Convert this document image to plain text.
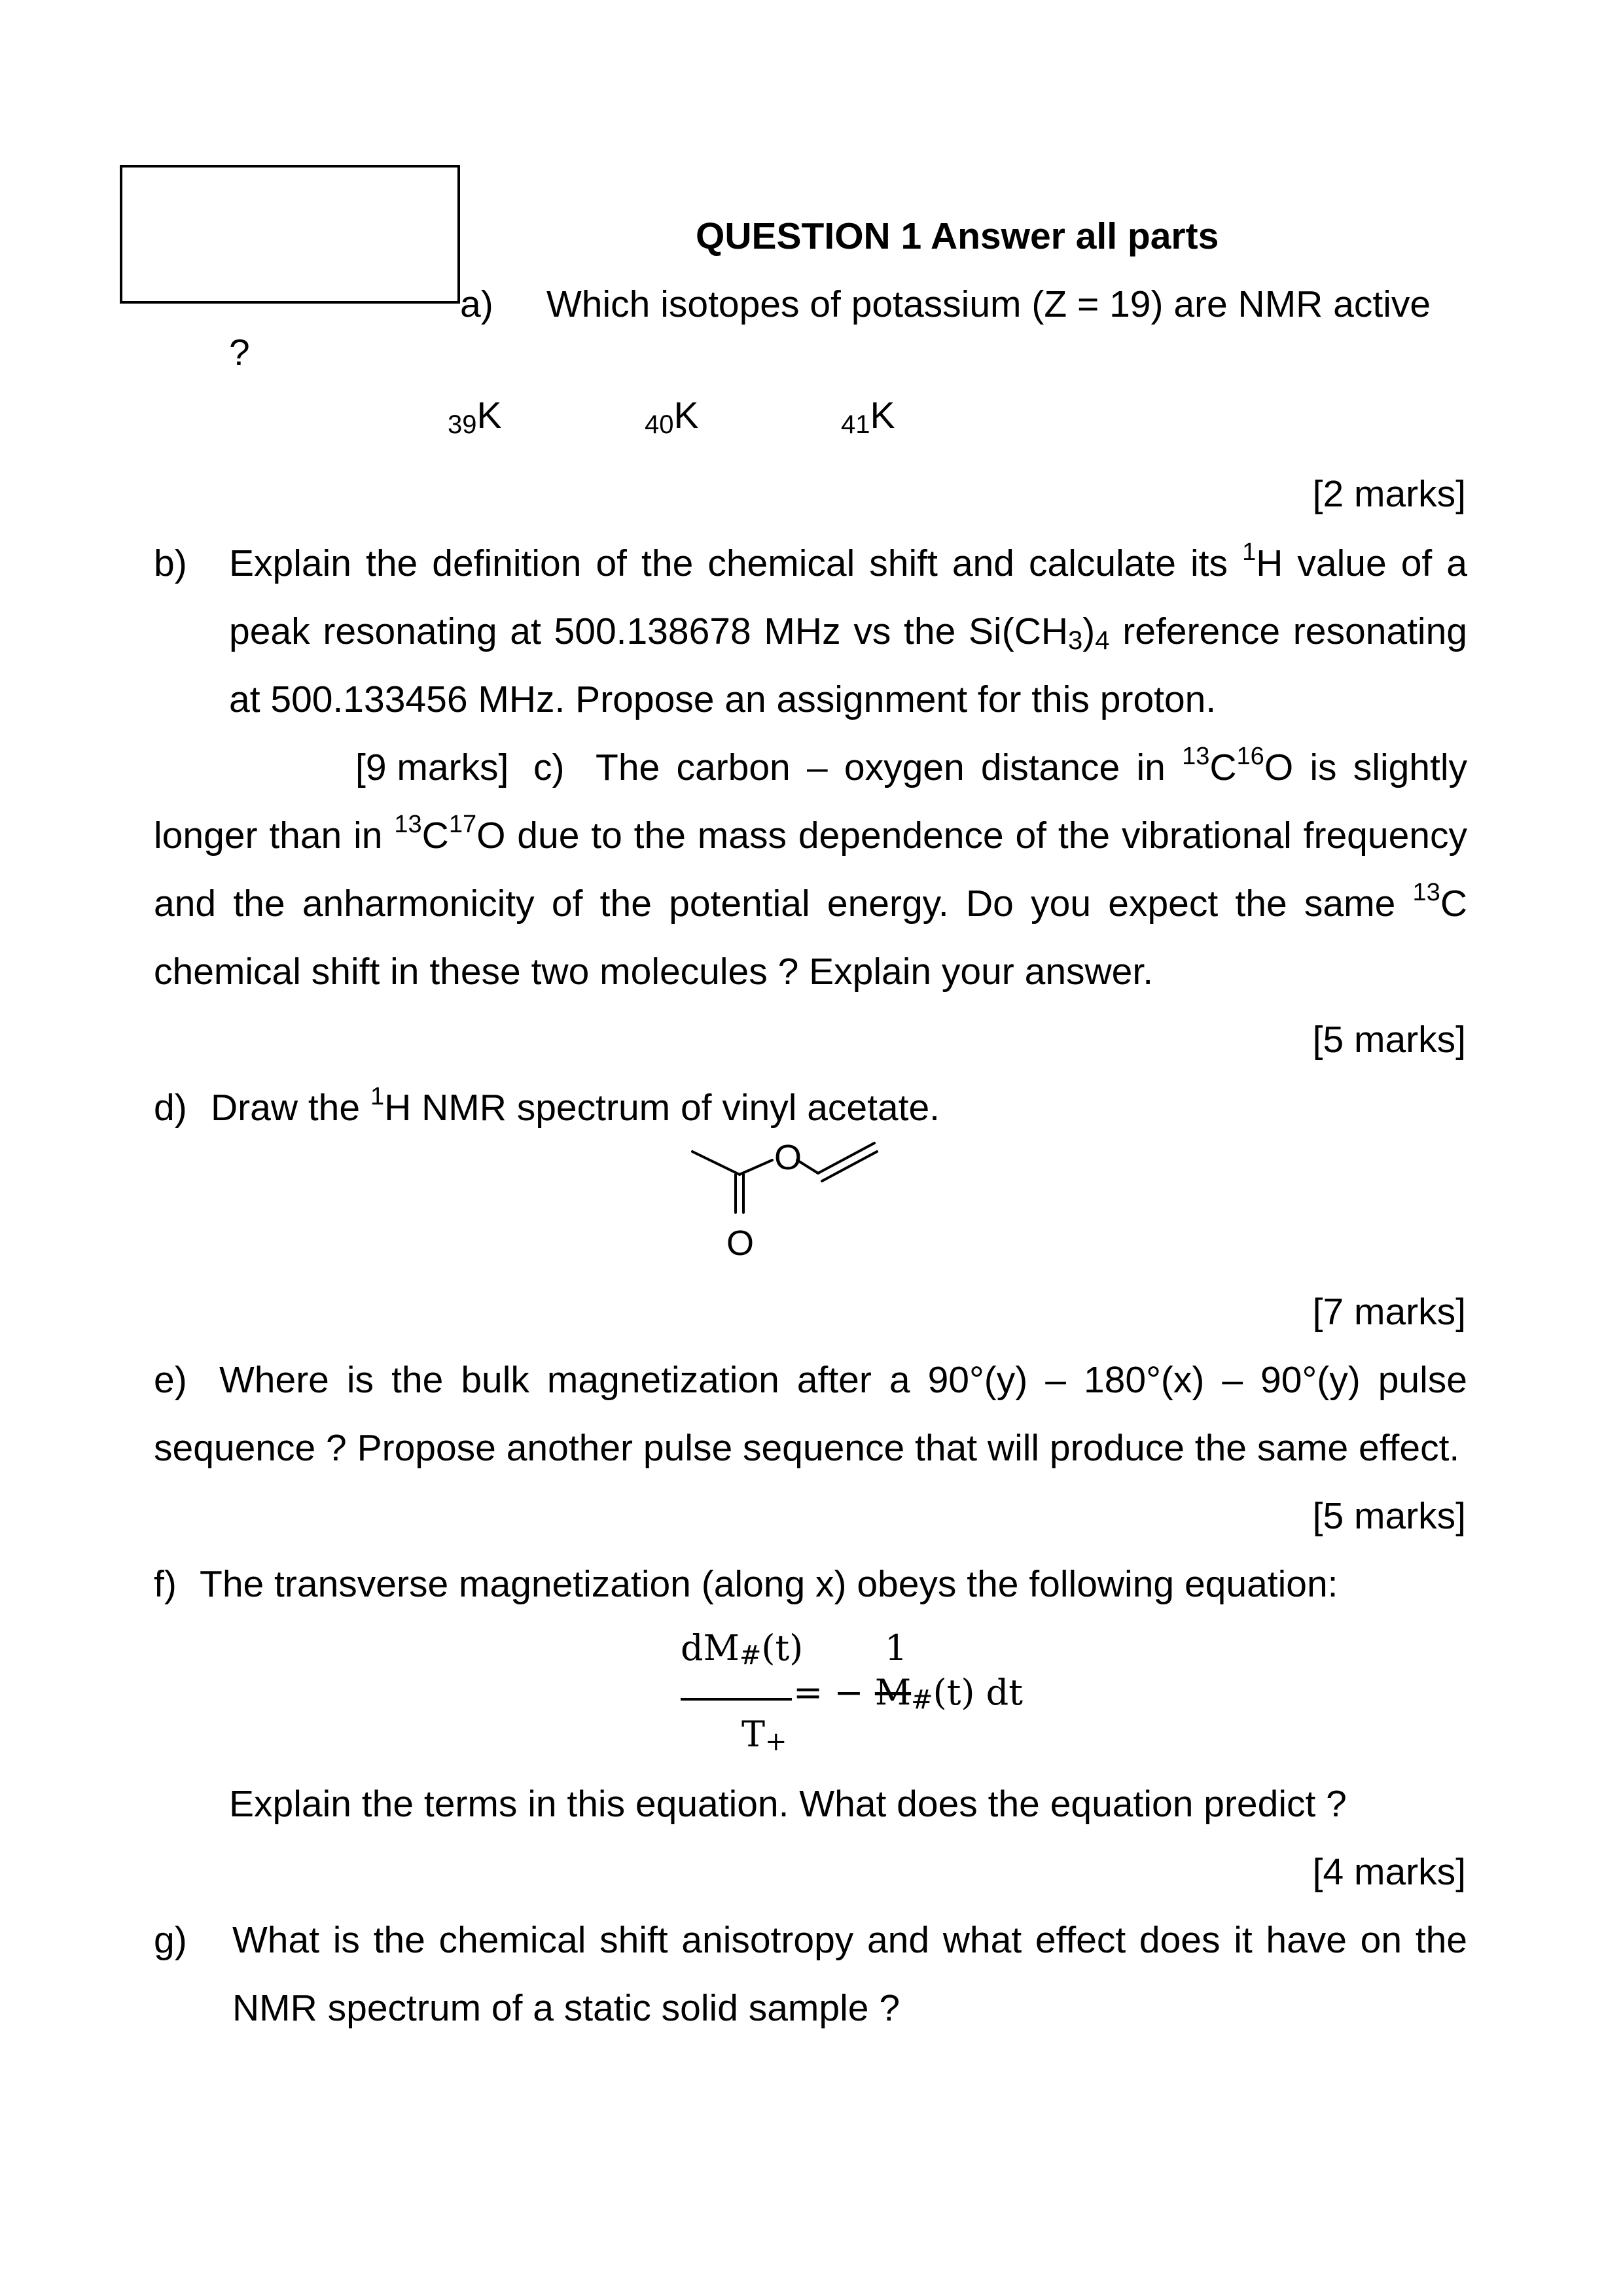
QUESTION 1 Answer all parts
a) Which isotopes of potassium (Z = 19) are NMR active
?
$_{39}$K	$_{40}$K	$_{41}$K
[2 marks]
b) Explain the definition of the chemical shift and calculate its $^1$H value of a
peak resonating at 500.138678 MHz vs the $Si(CH_3)_4$ reference resonating
at 500.133456 MHz. Propose an assignment for this proton.
[9 marks] c) The carbon – oxygen distance in $^{13}C^{16}O$ is slightly
longer than in $^{13}C^{17}O$ due to the mass dependence of the vibrational frequency
and the anharmonicity of the potential energy. Do you expect the same $^{13}$C
chemical shift in these two molecules ? Explain your answer.
[5 marks]
d) Draw the $^1$H NMR spectrum of vinyl acetate.
O
O
[7 marks]
e) Where is the bulk magnetization after a 90°(y) – 180°(x) – 90°(y) pulse
sequence ? Propose another pulse sequence that will produce the same effect.
[5 marks]
f) The transverse magnetization (along x) obeys the following equation:
dM#(t) 1
= − M#(t) dt
T+
Explain the terms in this equation. What does the equation predict ?
[4 marks]
g) What is the chemical shift anisotropy and what effect does it have on the
NMR spectrum of a static solid sample ?
